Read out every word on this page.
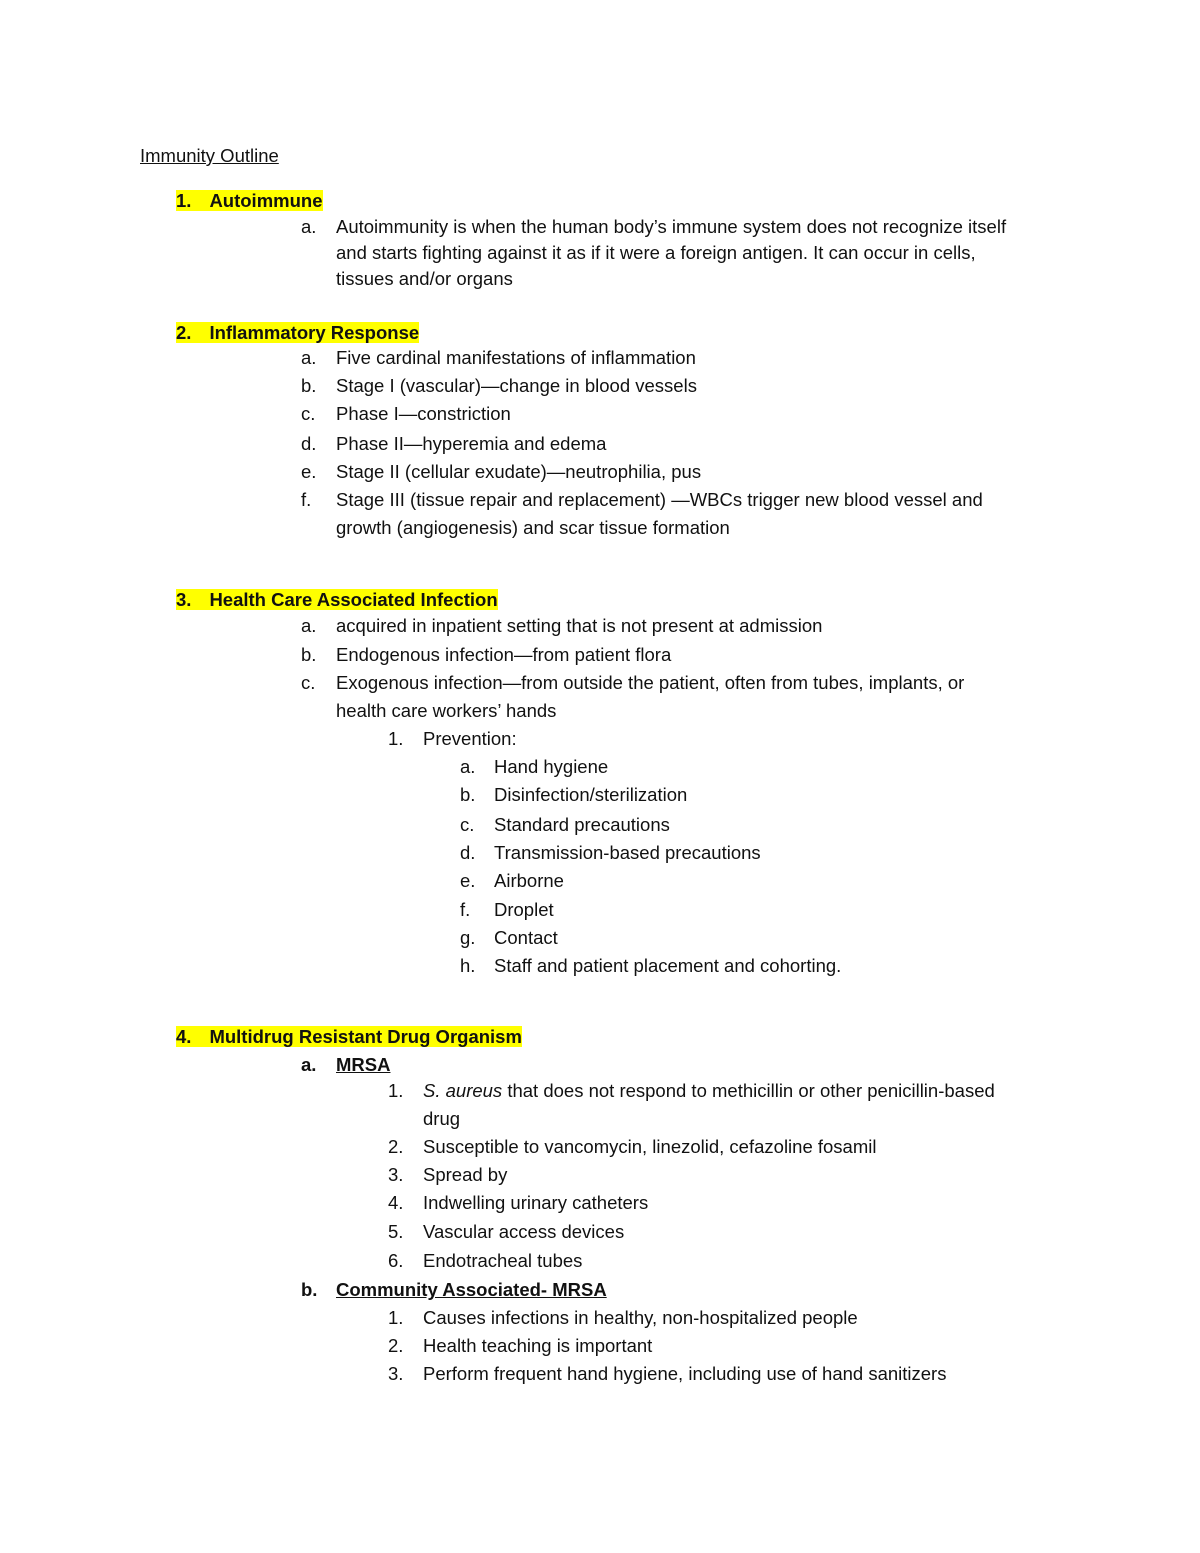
Immunity Outline
1. Autoimmune
a. Autoimmunity is when the human body’s immune system does not recognize itself
and starts fighting against it as if it were a foreign antigen. It can occur in cells,
tissues and/or organs
2. Inflammatory Response
a. Five cardinal manifestations of inflammation
b. Stage I (vascular)—change in blood vessels
c. Phase I—constriction
d. Phase II—hyperemia and edema
e. Stage II (cellular exudate)—neutrophilia, pus
f. Stage III (tissue repair and replacement) —WBCs trigger new blood vessel and
growth (angiogenesis) and scar tissue formation
3. Health Care Associated Infection
a. acquired in inpatient setting that is not present at admission
b. Endogenous infection—from patient flora
c. Exogenous infection—from outside the patient, often from tubes, implants, or
health care workers’ hands
1. Prevention:
a. Hand hygiene
b. Disinfection/sterilization
c. Standard precautions
d. Transmission-based precautions
e. Airborne
f. Droplet
g. Contact
h. Staff and patient placement and cohorting.
4. Multidrug Resistant Drug Organism
a. MRSA
1. S. aureus that does not respond to methicillin or other penicillin-based
drug
2. Susceptible to vancomycin, linezolid, cefazoline fosamil
3. Spread by
4. Indwelling urinary catheters
5. Vascular access devices
6. Endotracheal tubes
b. Community Associated- MRSA
1. Causes infections in healthy, non-hospitalized people
2. Health teaching is important
3. Perform frequent hand hygiene, including use of hand sanitizers
